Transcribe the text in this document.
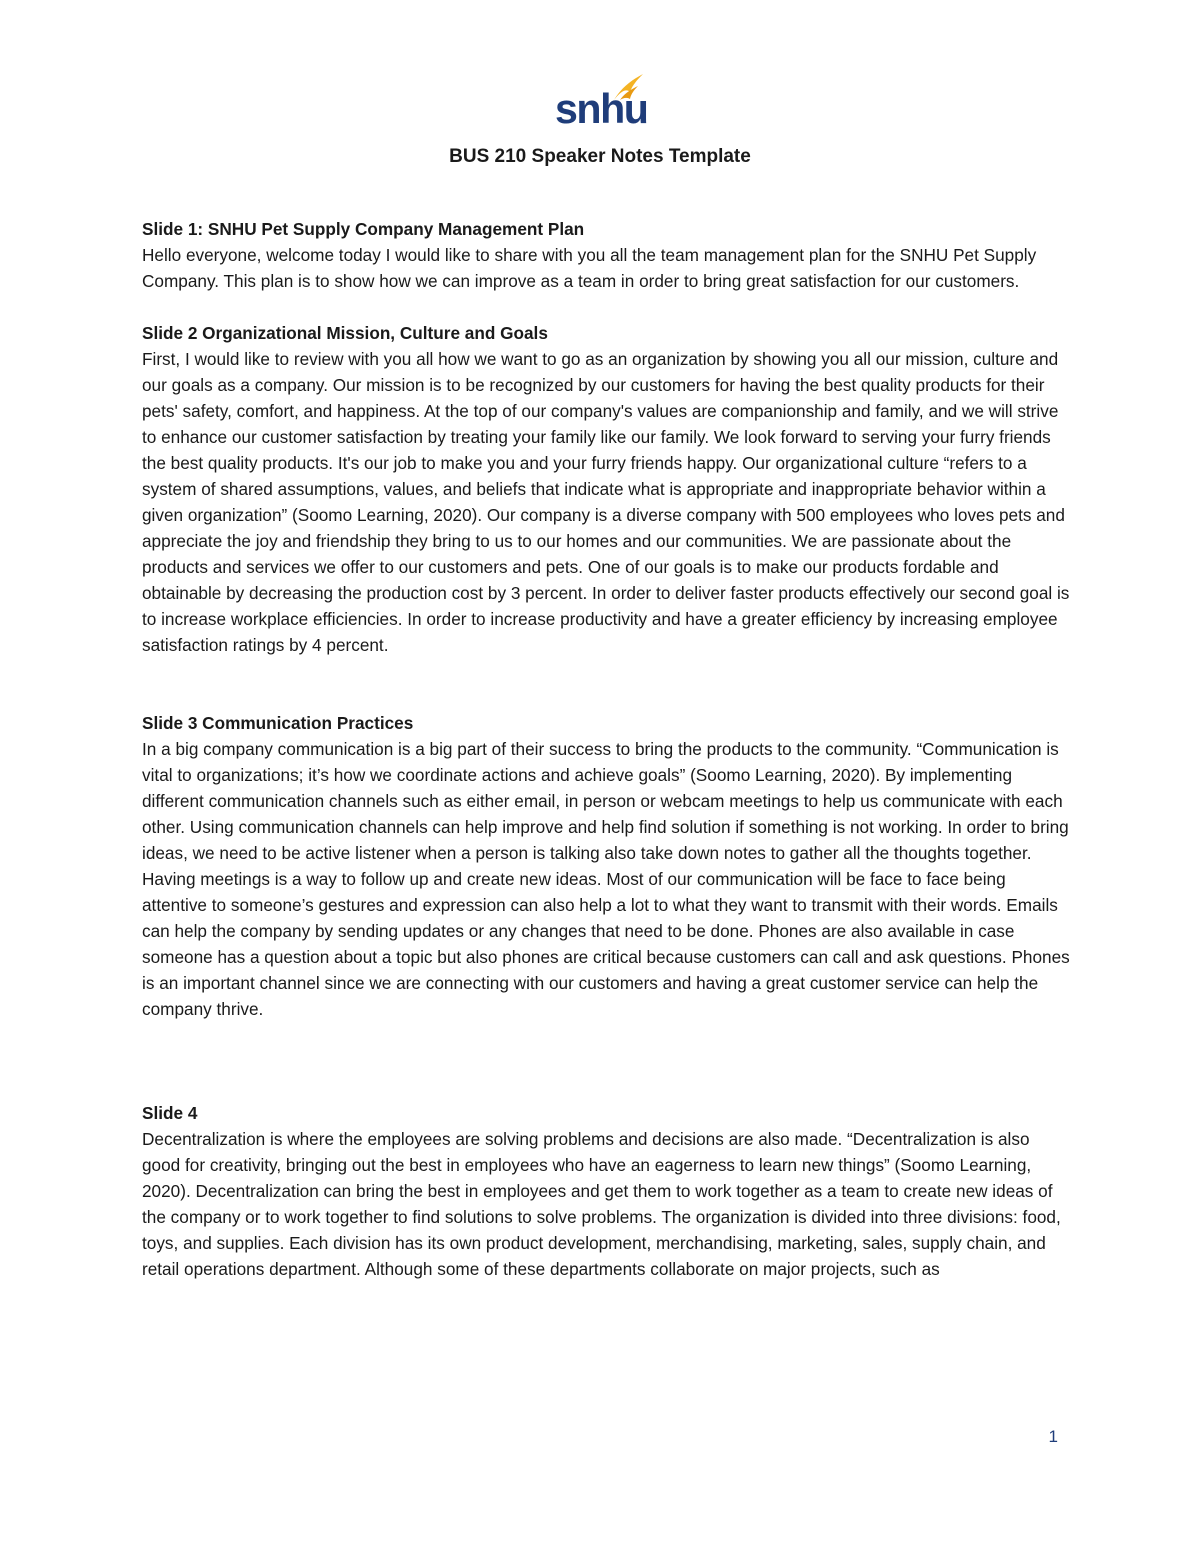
snhu
BUS 210 Speaker Notes Template

Slide 1: SNHU Pet Supply Company Management Plan

Hello everyone, welcome today I would like to share with you all the team management plan for the SNHU Pet Supply Company. This plan is to show how we can improve as a team in order to bring great satisfaction for our customers.

Slide 2 Organizational Mission, Culture and Goals

First, I would like to review with you all how we want to go as an organization by showing you all our mission, culture and our goals as a company. Our mission is to be recognized by our customers for having the best quality products for their pets' safety, comfort, and happiness. At the top of our company's values are companionship and family, and we will strive to enhance our customer satisfaction by treating your family like our family. We look forward to serving your furry friends the best quality products. It's our job to make you and your furry friends happy. Our organizational culture “refers to a system of shared assumptions, values, and beliefs that indicate what is appropriate and inappropriate behavior within a given organization” (Soomo Learning, 2020). Our company is a diverse company with 500 employees who loves pets and appreciate the joy and friendship they bring to us to our homes and our communities. We are passionate about the products and services we offer to our customers and pets. One of our goals is to make our products fordable and obtainable by decreasing the production cost by 3 percent. In order to deliver faster products effectively our second goal is to increase workplace efficiencies. In order to increase productivity and have a greater efficiency by increasing employee satisfaction ratings by 4 percent.

Slide 3 Communication Practices

In a big company communication is a big part of their success to bring the products to the community. “Communication is vital to organizations; it’s how we coordinate actions and achieve goals” (Soomo Learning, 2020). By implementing different communication channels such as either email, in person or webcam meetings to help us communicate with each other. Using communication channels can help improve and help find solution if something is not working. In order to bring ideas, we need to be active listener when a person is talking also take down notes to gather all the thoughts together. Having meetings is a way to follow up and create new ideas. Most of our communication will be face to face being attentive to someone’s gestures and expression can also help a lot to what they want to transmit with their words. Emails can help the company by sending updates or any changes that need to be done. Phones are also available in case someone has a question about a topic but also phones are critical because customers can call and ask questions. Phones is an important channel since we are connecting with our customers and having a great customer service can help the company thrive.

Slide 4

Decentralization is where the employees are solving problems and decisions are also made. “Decentralization is also good for creativity, bringing out the best in employees who have an eagerness to learn new things” (Soomo Learning, 2020). Decentralization can bring the best in employees and get them to work together as a team to create new ideas of the company or to work together to find solutions to solve problems. The organization is divided into three divisions: food, toys, and supplies. Each division has its own product development, merchandising, marketing, sales, supply chain, and retail operations department. Although some of these departments collaborate on major projects, such as

1
